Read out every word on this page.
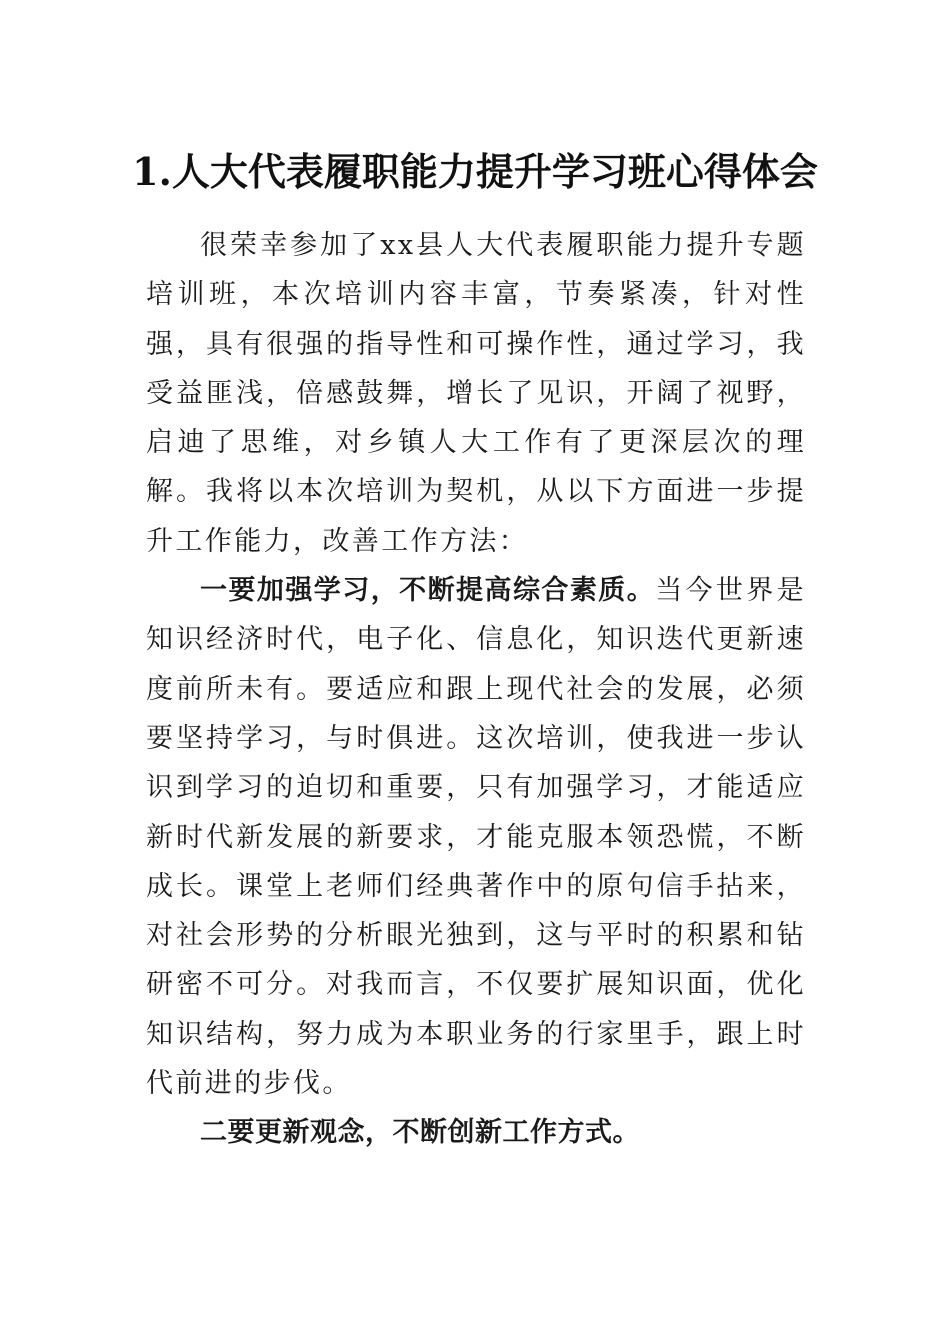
1.人大代表履职能力提升学习班心得体会

很荣幸参加了xx县人大代表履职能力提升专题培训班，本次培训内容丰富，节奏紧凑，针对性强，具有很强的指导性和可操作性，通过学习，我受益匪浅，倍感鼓舞，增长了见识，开阔了视野，启迪了思维，对乡镇人大工作有了更深层次的理解。我将以本次培训为契机，从以下方面进一步提升工作能力，改善工作方法：

一要加强学习，不断提高综合素质。当今世界是知识经济时代，电子化、信息化，知识迭代更新速度前所未有。要适应和跟上现代社会的发展，必须要坚持学习，与时俱进。这次培训，使我进一步认识到学习的迫切和重要，只有加强学习，才能适应新时代新发展的新要求，才能克服本领恐慌，不断成长。课堂上老师们经典著作中的原句信手拈来，对社会形势的分析眼光独到，这与平时的积累和钻研密不可分。对我而言，不仅要扩展知识面，优化知识结构，努力成为本职业务的行家里手，跟上时代前进的步伐。

二要更新观念，不断创新工作方式。
